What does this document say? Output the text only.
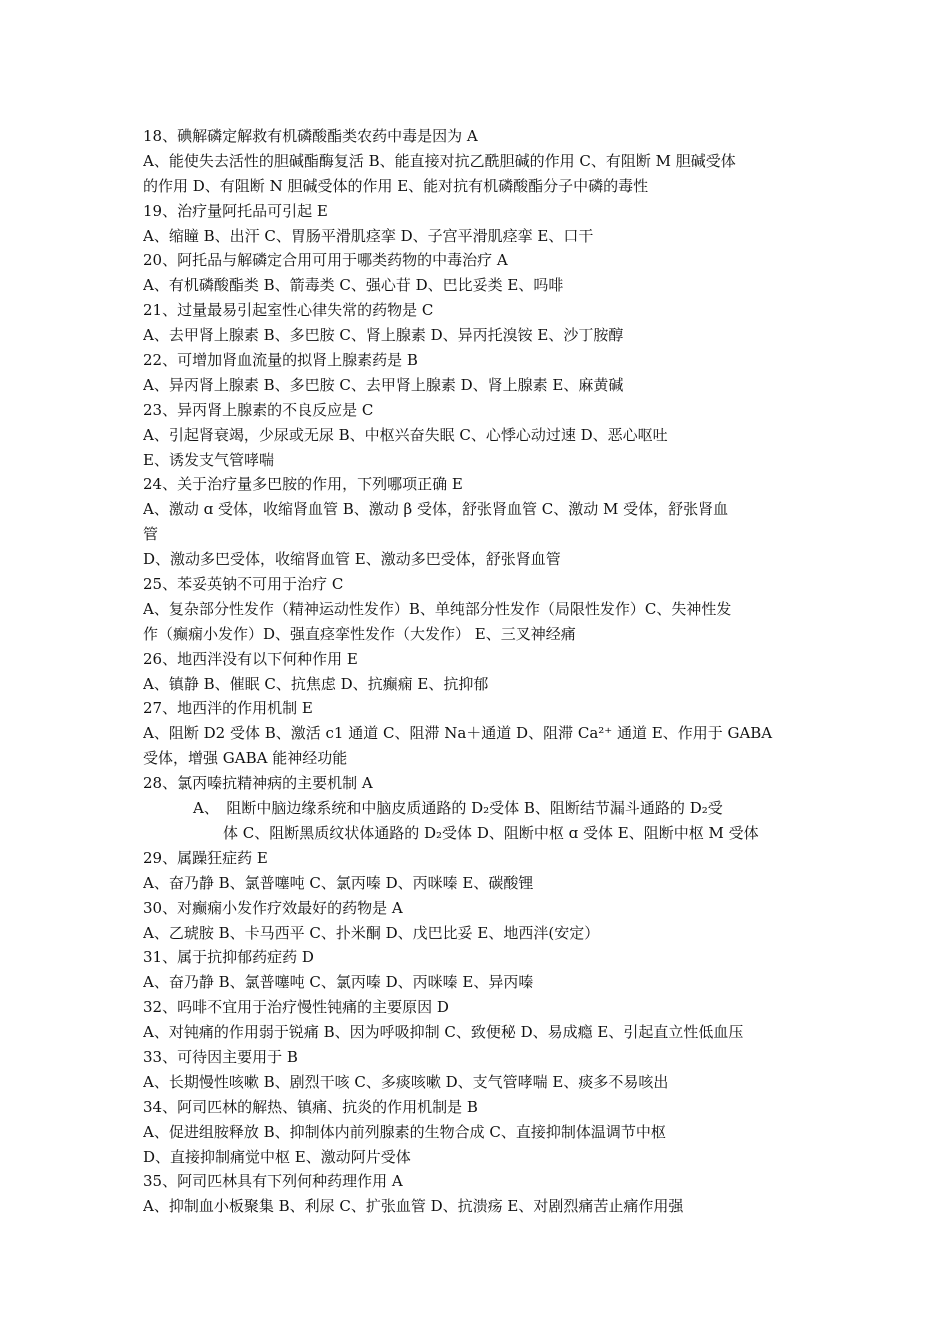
18、碘解磷定解救有机磷酸酯类农药中毒是因为 A
A、能使失去活性的胆碱酯酶复活 B、能直接对抗乙酰胆碱的作用 C、有阻断 M 胆碱受体
的作用 D、有阻断 N 胆碱受体的作用 E、能对抗有机磷酸酯分子中磷的毒性
19、治疗量阿托品可引起 E
A、缩瞳 B、出汗 C、胃肠平滑肌痉挛 D、子宫平滑肌痉挛 E、口干
20、阿托品与解磷定合用可用于哪类药物的中毒治疗 A
A、有机磷酸酯类 B、箭毒类 C、强心苷 D、巴比妥类 E、吗啡
21、过量最易引起室性心律失常的药物是 C
A、去甲肾上腺素 B、多巴胺 C、肾上腺素 D、异丙托溴铵 E、沙丁胺醇
22、可增加肾血流量的拟肾上腺素药是 B
A、异丙肾上腺素 B、多巴胺 C、去甲肾上腺素 D、肾上腺素 E、麻黄碱
23、异丙肾上腺素的不良反应是 C
A、引起肾衰竭，少尿或无尿 B、中枢兴奋失眠 C、心悸心动过速 D、恶心呕吐
E、诱发支气管哮喘
24、关于治疗量多巴胺的作用，下列哪项正确 E
A、激动 ɑ 受体，收缩肾血管 B、激动 β 受体，舒张肾血管 C、激动 M 受体，舒张肾血
管
D、激动多巴受体，收缩肾血管 E、激动多巴受体，舒张肾血管
25、苯妥英钠不可用于治疗 C
A、复杂部分性发作（精神运动性发作）B、单纯部分性发作（局限性发作）C、失神性发
作（癫痫小发作）D、强直痉挛性发作（大发作） E、三叉神经痛
26、地西泮没有以下何种作用 E
A、镇静 B、催眠 C、抗焦虑 D、抗癫痫 E、抗抑郁
27、地西泮的作用机制 E
A、阻断 D2 受体 B、激活 c1 通道 C、阻滞 Na＋通道 D、阻滞 Ca²⁺ 通道 E、作用于 GABA
受体，增强 GABA 能神经功能
28、氯丙嗪抗精神病的主要机制 A
A、　阻断中脑边缘系统和中脑皮质通路的 D₂受体 B、阻断结节漏斗通路的 D₂受
体 C、阻断黑质纹状体通路的 D₂受体 D、阻断中枢 ɑ 受体 E、阻断中枢 M 受体
29、属躁狂症药 E
A、奋乃静 B、氯普噻吨 C、氯丙嗪 D、丙咪嗪 E、碳酸锂
30、对癫痫小发作疗效最好的药物是 A
A、乙琥胺 B、卡马西平 C、扑米酮 D、戊巴比妥 E、地西泮(安定）
31、属于抗抑郁药症药 D
A、奋乃静 B、氯普噻吨 C、氯丙嗪 D、丙咪嗪 E、异丙嗪
32、吗啡不宜用于治疗慢性钝痛的主要原因 D
A、对钝痛的作用弱于锐痛 B、因为呼吸抑制 C、致便秘 D、易成瘾 E、引起直立性低血压
33、可待因主要用于 B
A、长期慢性咳嗽 B、剧烈干咳 C、多痰咳嗽 D、支气管哮喘 E、痰多不易咳出
34、阿司匹林的解热、镇痛、抗炎的作用机制是 B
A、促进组胺释放 B、抑制体内前列腺素的生物合成 C、直接抑制体温调节中枢
D、直接抑制痛觉中枢 E、激动阿片受体
35、阿司匹林具有下列何种药理作用 A
A、抑制血小板聚集 B、利尿 C、扩张血管 D、抗溃疡 E、对剧烈痛苦止痛作用强
